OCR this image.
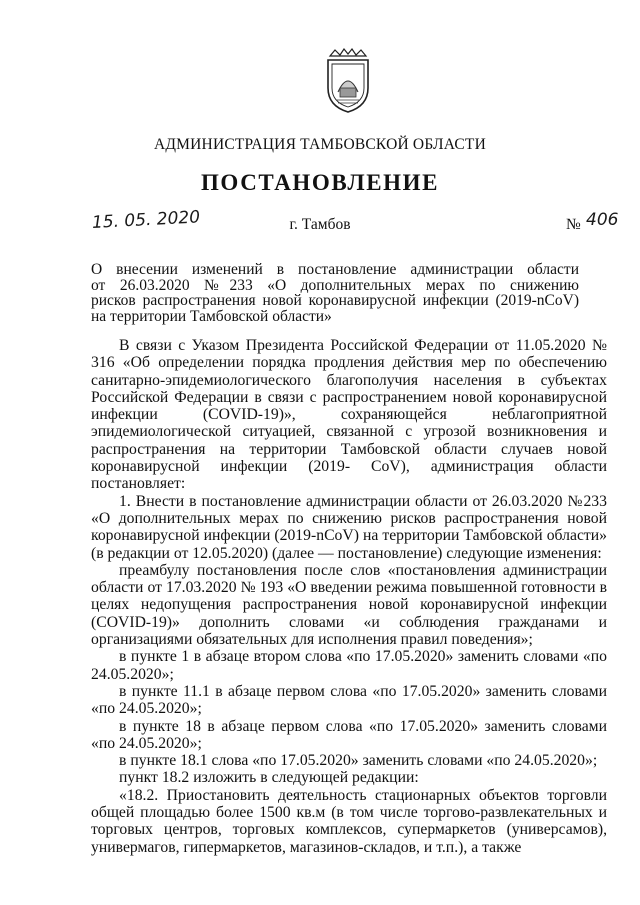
АДМИНИСТРАЦИЯ ТАМБОВСКОЙ ОБЛАСТИ
ПОСТАНОВЛЕНИЕ
15. 05. 2020	г. Тамбов	№ 406
О внесении изменений в постановление администрации области
от 26.03.2020 №233 «О дополнительных мерах по снижению
рисков распространения новой коронавирусной инфекции (2019-nCoV)
на территории Тамбовской области»

В связи с Указом Президента Российской Федерации от 11.05.2020 № 316 «Об определении порядка продления действия мер по обеспечению санитарно-эпидемиологического благополучия населения в субъектах Российской Федерации в связи с распространением новой коронавирусной инфекции (COVID-19)», сохраняющейся неблагоприятной эпидемиологической ситуацией, связанной с угрозой возникновения и распространения на территории Тамбовской области случаев новой коронавирусной инфекции (2019- CoV), администрация области постановляет:

1. Внести в постановление администрации области от 26.03.2020 №233 «О дополнительных мерах по снижению рисков распространения новой коронавирусной инфекции (2019-nCoV) на территории Тамбовской области» (в редакции от 12.05.2020) (далее — постановление) следующие изменения:

преамбулу постановления после слов «постановления администрации области от 17.03.2020 № 193 «О введении режима повышенной готовности в целях недопущения распространения новой коронавирусной инфекции (COVID-19)» дополнить словами «и соблюдения гражданами и организациями обязательных для исполнения правил поведения»;

в пункте 1 в абзаце втором слова «по 17.05.2020» заменить словами «по 24.05.2020»;

в пункте 11.1 в абзаце первом слова «по 17.05.2020» заменить словами «по 24.05.2020»;

в пункте 18 в абзаце первом слова «по 17.05.2020» заменить словами «по 24.05.2020»;

в пункте 18.1 слова «по 17.05.2020» заменить словами «по 24.05.2020»;

пункт 18.2 изложить в следующей редакции:

«18.2. Приостановить деятельность стационарных объектов торговли общей площадью более 1500 кв.м (в том числе торгово-развлекательных и торговых центров, торговых комплексов, супермаркетов (универсамов), универмагов, гипермаркетов, магазинов-складов, и т.п.), а также
